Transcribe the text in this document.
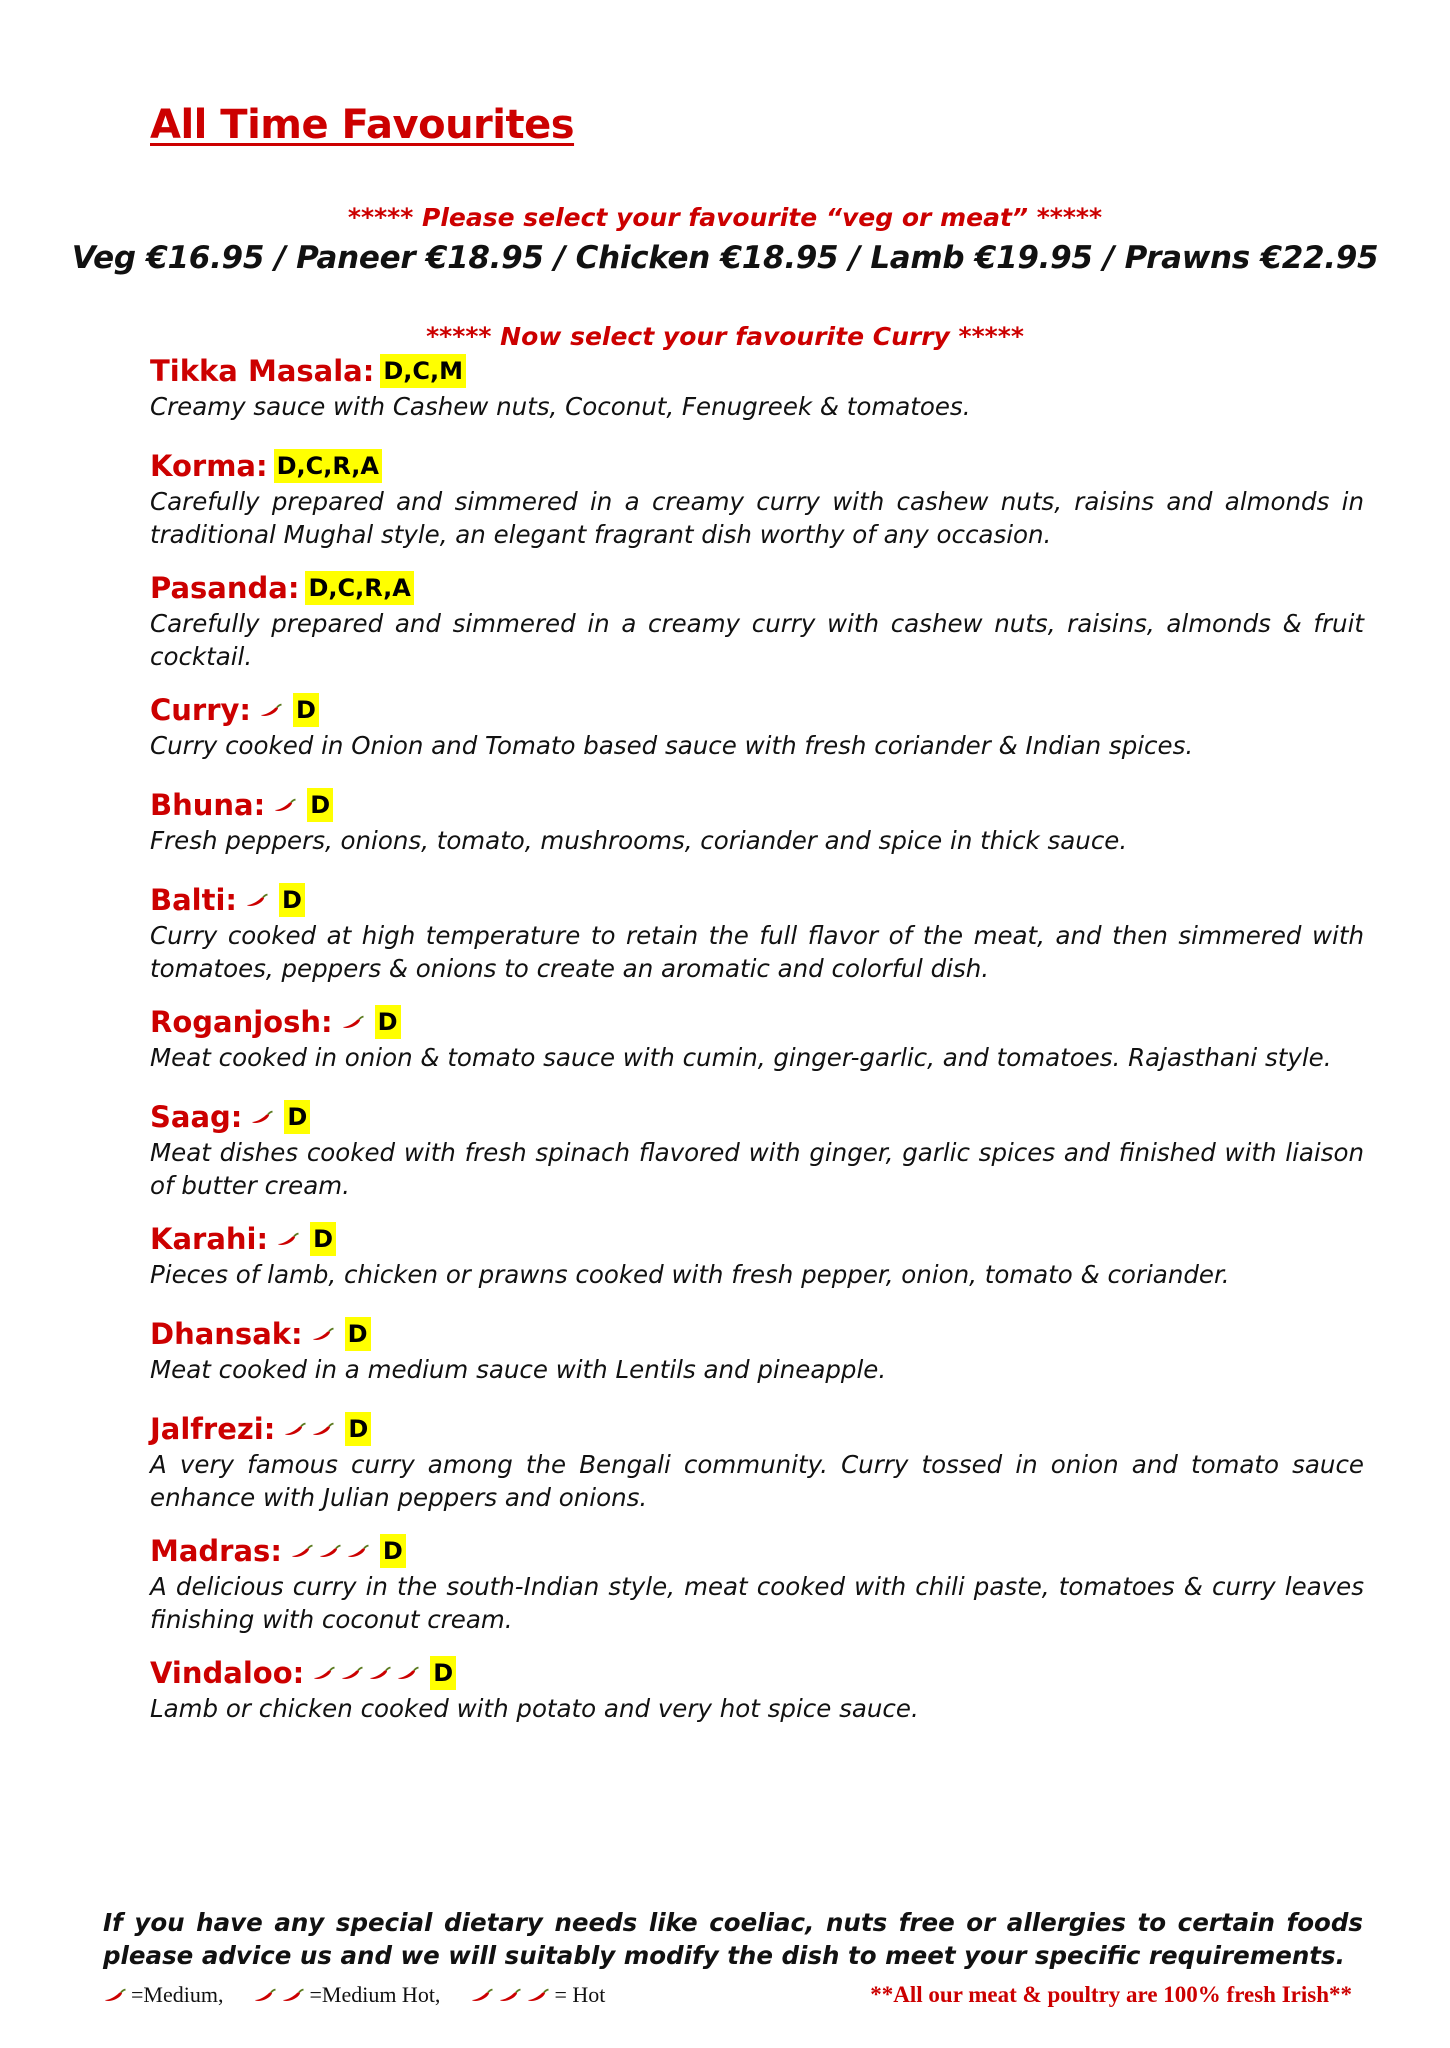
All Time Favourites
***** Please select your favourite “veg or meat” *****
Veg €16.95 / Paneer €18.95 / Chicken €18.95 / Lamb €19.95 / Prawns €22.95
***** Now select your favourite Curry *****
Tikka Masala: D,C,M
Creamy sauce with Cashew nuts, Coconut, Fenugreek & tomatoes.
Korma: D,C,R,A
Carefully prepared and simmered in a creamy curry with cashew nuts, raisins and almonds in traditional Mughal style, an elegant fragrant dish worthy of any occasion.
Pasanda: D,C,R,A
Carefully prepared and simmered in a creamy curry with cashew nuts, raisins, almonds & fruit cocktail.
Curry: D
Curry cooked in Onion and Tomato based sauce with fresh coriander & Indian spices.
Bhuna: D
Fresh peppers, onions, tomato, mushrooms, coriander and spice in thick sauce.
Balti: D
Curry cooked at high temperature to retain the full flavor of the meat, and then simmered with tomatoes, peppers & onions to create an aromatic and colorful dish.
Roganjosh: D
Meat cooked in onion & tomato sauce with cumin, ginger-garlic, and tomatoes. Rajasthani style.
Saag: D
Meat dishes cooked with fresh spinach flavored with ginger, garlic spices and finished with liaison of butter cream.
Karahi: D
Pieces of lamb, chicken or prawns cooked with fresh pepper, onion, tomato & coriander.
Dhansak: D
Meat cooked in a medium sauce with Lentils and pineapple.
Jalfrezi:	D
A very famous curry among the Bengali community. Curry tossed in onion and tomato sauce enhance with Julian peppers and onions.
Madras:	D
A delicious curry in the south-Indian style, meat cooked with chili paste, tomatoes & curry leaves finishing with coconut cream.
Vindaloo:	D
Lamb or chicken cooked with potato and very hot spice sauce.
If you have any special dietary needs like coeliac, nuts free or allergies to certain foods please advice us and we will suitably modify the dish to meet your specific requirements.
=Medium,	=Medium Hot,	= Hot	**All our meat & poultry are 100% fresh Irish**
